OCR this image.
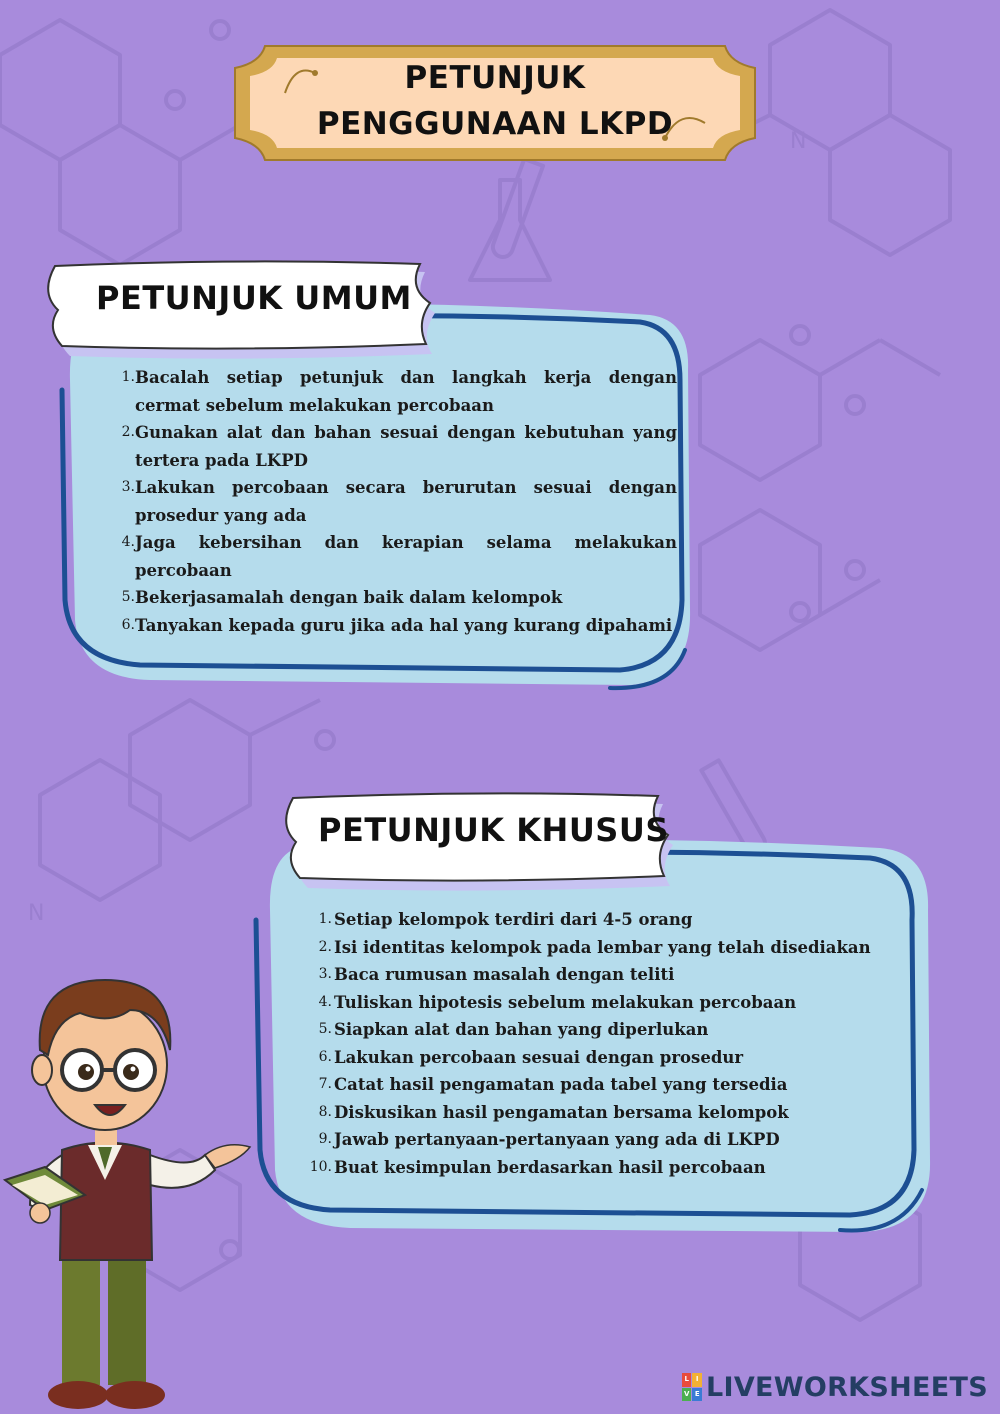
N
N
PETUNJUK
PENGGUNAAN LKPD
PETUNJUK UMUM
1. Bacalah setiap petunjuk dan langkah kerja dengan cermat sebelum melakukan percobaan
2. Gunakan alat dan bahan sesuai dengan kebutuhan yang tertera pada LKPD
3. Lakukan percobaan secara berurutan sesuai dengan prosedur yang ada
4. Jaga kebersihan dan kerapian selama melakukan percobaan
5. Bekerjasamalah dengan baik dalam kelompok
6. Tanyakan kepada guru jika ada hal yang kurang dipahami
PETUNJUK KHUSUS
1. Setiap kelompok terdiri dari 4-5 orang
2. Isi identitas kelompok pada lembar yang telah disediakan
3. Baca rumusan masalah dengan teliti
4. Tuliskan hipotesis sebelum melakukan percobaan
5. Siapkan alat dan bahan yang diperlukan
6. Lakukan percobaan sesuai dengan prosedur
7. Catat hasil pengamatan pada tabel yang tersedia
8. Diskusikan hasil pengamatan bersama kelompok
9. Jawab pertanyaan-pertanyaan yang ada di LKPD
10. Buat kesimpulan berdasarkan hasil percobaan
L I
V E LIVEWORKSHEETS
